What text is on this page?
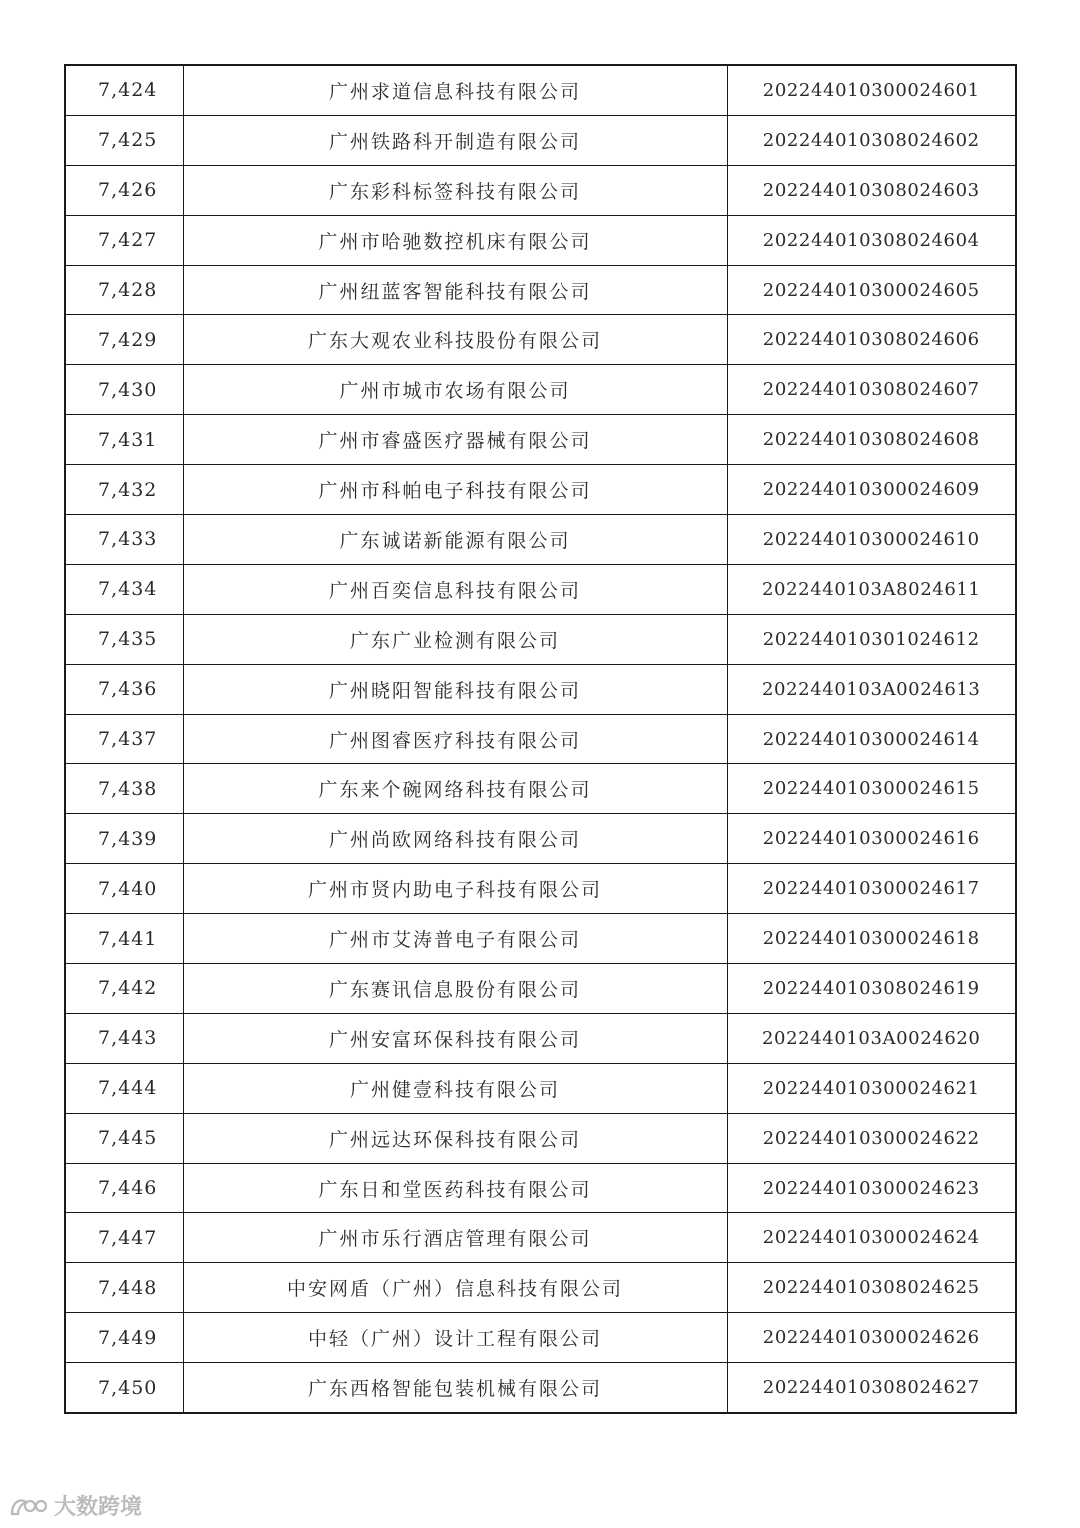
7,424	广州求道信息科技有限公司	202244010300024601
7,425	广州铁路科开制造有限公司	202244010308024602
7,426	广东彩科标签科技有限公司	202244010308024603
7,427	广州市哈驰数控机床有限公司	202244010308024604
7,428	广州纽蓝客智能科技有限公司	202244010300024605
7,429	广东大观农业科技股份有限公司	202244010308024606
7,430	广州市城市农场有限公司	202244010308024607
7,431	广州市睿盛医疗器械有限公司	202244010308024608
7,432	广州市科帕电子科技有限公司	202244010300024609
7,433	广东诚诺新能源有限公司	202244010300024610
7,434	广州百奕信息科技有限公司	2022440103A8024611
7,435	广东广业检测有限公司	202244010301024612
7,436	广州晓阳智能科技有限公司	2022440103A0024613
7,437	广州图睿医疗科技有限公司	202244010300024614
7,438	广东来个碗网络科技有限公司	202244010300024615
7,439	广州尚欧网络科技有限公司	202244010300024616
7,440	广州市贤内助电子科技有限公司	202244010300024617
7,441	广州市艾涛普电子有限公司	202244010300024618
7,442	广东赛讯信息股份有限公司	202244010308024619
7,443	广州安富环保科技有限公司	2022440103A0024620
7,444	广州健壹科技有限公司	202244010300024621
7,445	广州远达环保科技有限公司	202244010300024622
7,446	广东日和堂医药科技有限公司	202244010300024623
7,447	广州市乐行酒店管理有限公司	202244010300024624
7,448	中安网盾（广州）信息科技有限公司	202244010308024625
7,449	中轻（广州）设计工程有限公司	202244010300024626
7,450	广东西格智能包装机械有限公司	202244010308024627
大数跨境
